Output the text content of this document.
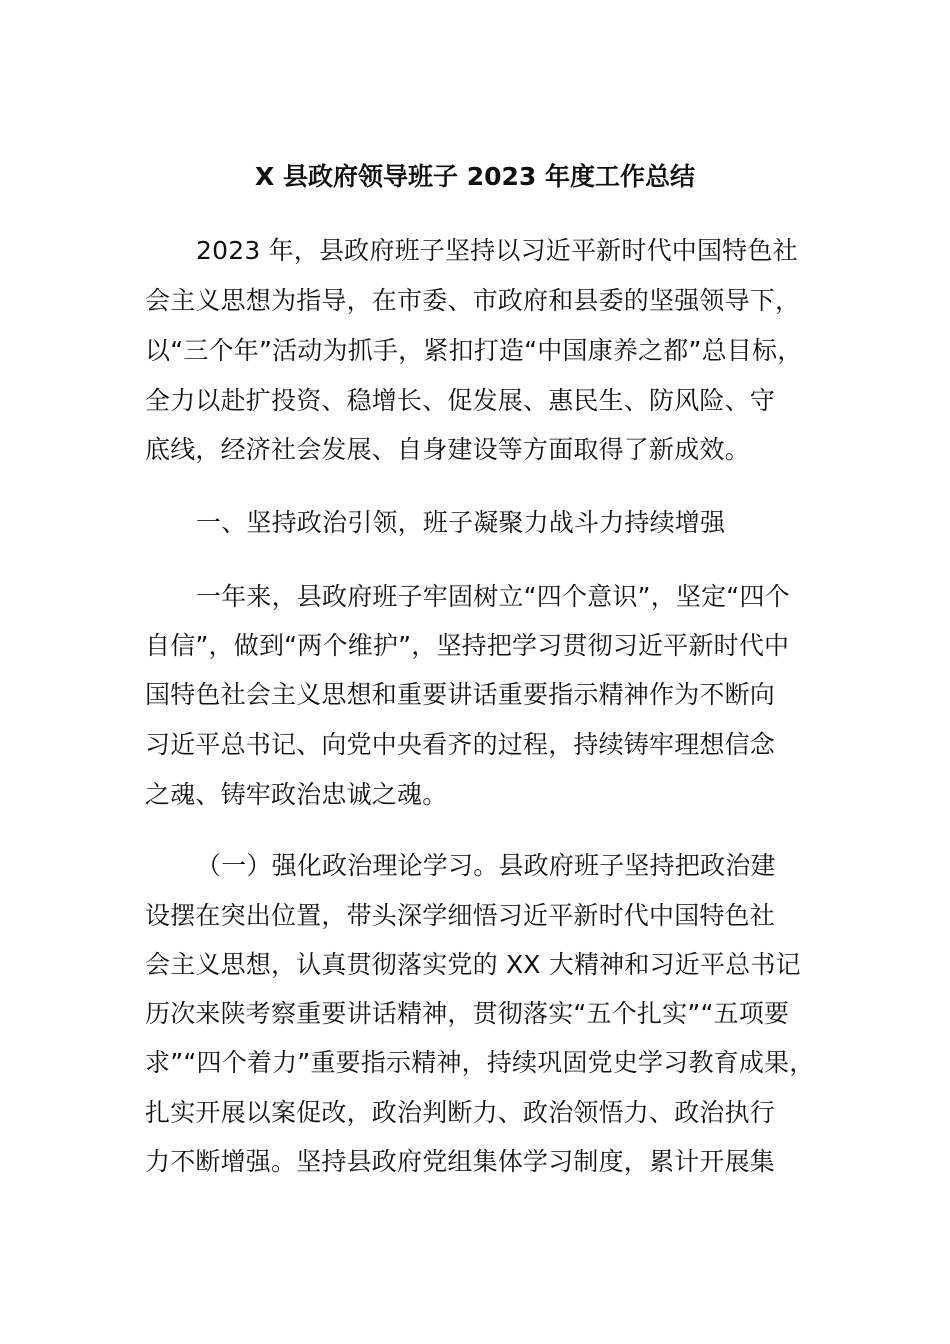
X 县政府领导班子 2023 年度工作总结
2023 年，县政府班子坚持以习近平新时代中国特色社
会主义思想为指导，在市委、市政府和县委的坚强领导下，
以“三个年”活动为抓手，紧扣打造“中国康养之都”总目标，
全力以赴扩投资、稳增长、促发展、惠民生、防风险、守
底线，经济社会发展、自身建设等方面取得了新成效。
一、坚持政治引领，班子凝聚力战斗力持续增强
一年来，县政府班子牢固树立“四个意识”，坚定“四个
自信”，做到“两个维护”，坚持把学习贯彻习近平新时代中
国特色社会主义思想和重要讲话重要指示精神作为不断向
习近平总书记、向党中央看齐的过程，持续铸牢理想信念
之魂、铸牢政治忠诚之魂。
（一）强化政治理论学习。县政府班子坚持把政治建
设摆在突出位置，带头深学细悟习近平新时代中国特色社
会主义思想，认真贯彻落实党的 XX 大精神和习近平总书记
历次来陕考察重要讲话精神，贯彻落实“五个扎实”“五项要
求”“四个着力”重要指示精神，持续巩固党史学习教育成果，
扎实开展以案促改，政治判断力、政治领悟力、政治执行
力不断增强。坚持县政府党组集体学习制度，累计开展集
